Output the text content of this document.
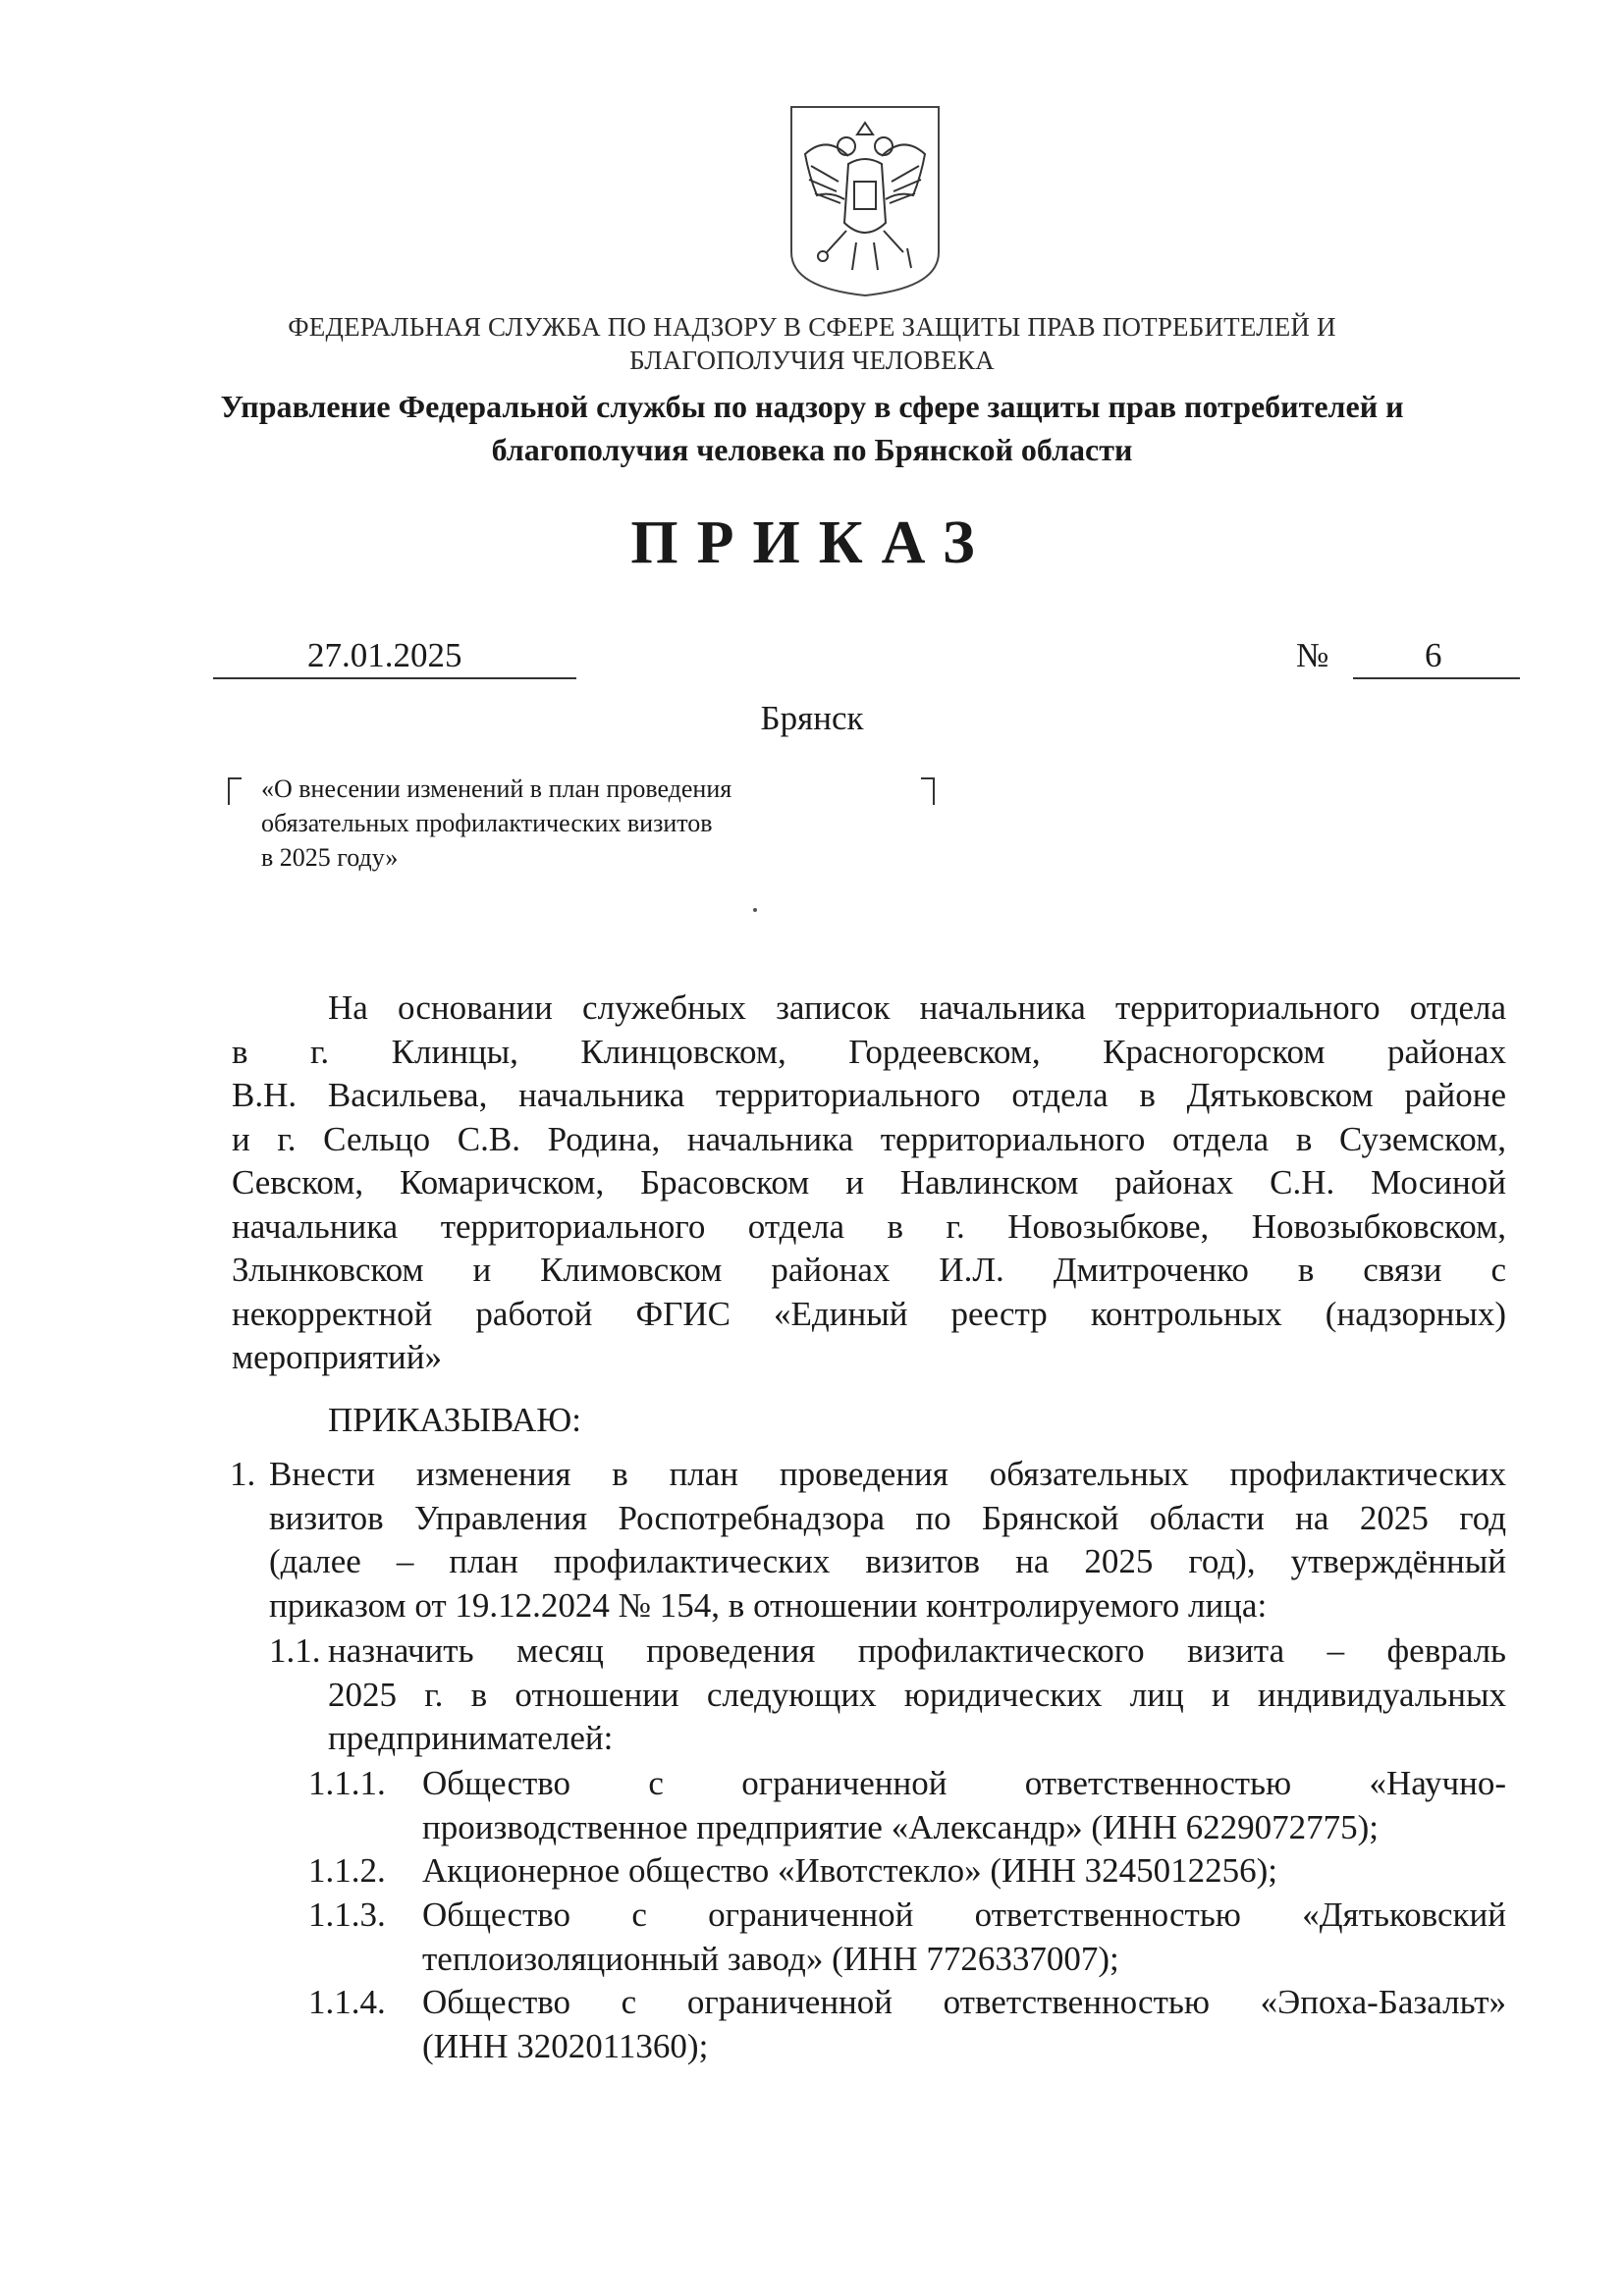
ФЕДЕРАЛЬНАЯ СЛУЖБА ПО НАДЗОРУ В СФЕРЕ ЗАЩИТЫ ПРАВ ПОТРЕБИТЕЛЕЙ И
БЛАГОПОЛУЧИЯ ЧЕЛОВЕКА
Управление Федеральной службы по надзору в сфере защиты прав потребителей и
благополучия человека по Брянской области
ПРИКАЗ
27.01.2025	№	6
Брянск
«О внесении изменений в план проведения
обязательных профилактических визитов
в 2025 году»
На основании служебных записок начальника территориального отдела
в г. Клинцы, Клинцовском, Гордеевском, Красногорском районах
В.Н. Васильева, начальника территориального отдела в Дятьковском районе
и г. Сельцо С.В. Родина, начальника территориального отдела в Суземском,
Севском, Комаричском, Брасовском и Навлинском районах С.Н. Мосиной
начальника территориального отдела в г. Новозыбкове, Новозыбковском,
Злынковском и Климовском районах И.Л. Дмитроченко в связи с
некорректной работой ФГИС «Единый реестр контрольных (надзорных)
мероприятий»
ПРИКАЗЫВАЮ:
1. Внести изменения в план проведения обязательных профилактических
визитов Управления Роспотребнадзора по Брянской области на 2025 год
(далее – план профилактических визитов на 2025 год), утверждённый
приказом от 19.12.2024 № 154, в отношении контролируемого лица:
1.1. назначить месяц проведения профилактического визита – февраль
2025 г. в отношении следующих юридических лиц и индивидуальных
предпринимателей:
1.1.1.	Общество с ограниченной ответственностью «Научно-
производственное предприятие «Александр» (ИНН 6229072775);
1.1.2.	Акционерное общество «Ивотстекло» (ИНН 3245012256);
1.1.3.	Общество с ограниченной ответственностью «Дятьковский
теплоизоляционный завод» (ИНН 7726337007);
1.1.4.	Общество с ограниченной ответственностью «Эпоха-Базальт»
(ИНН 3202011360);
